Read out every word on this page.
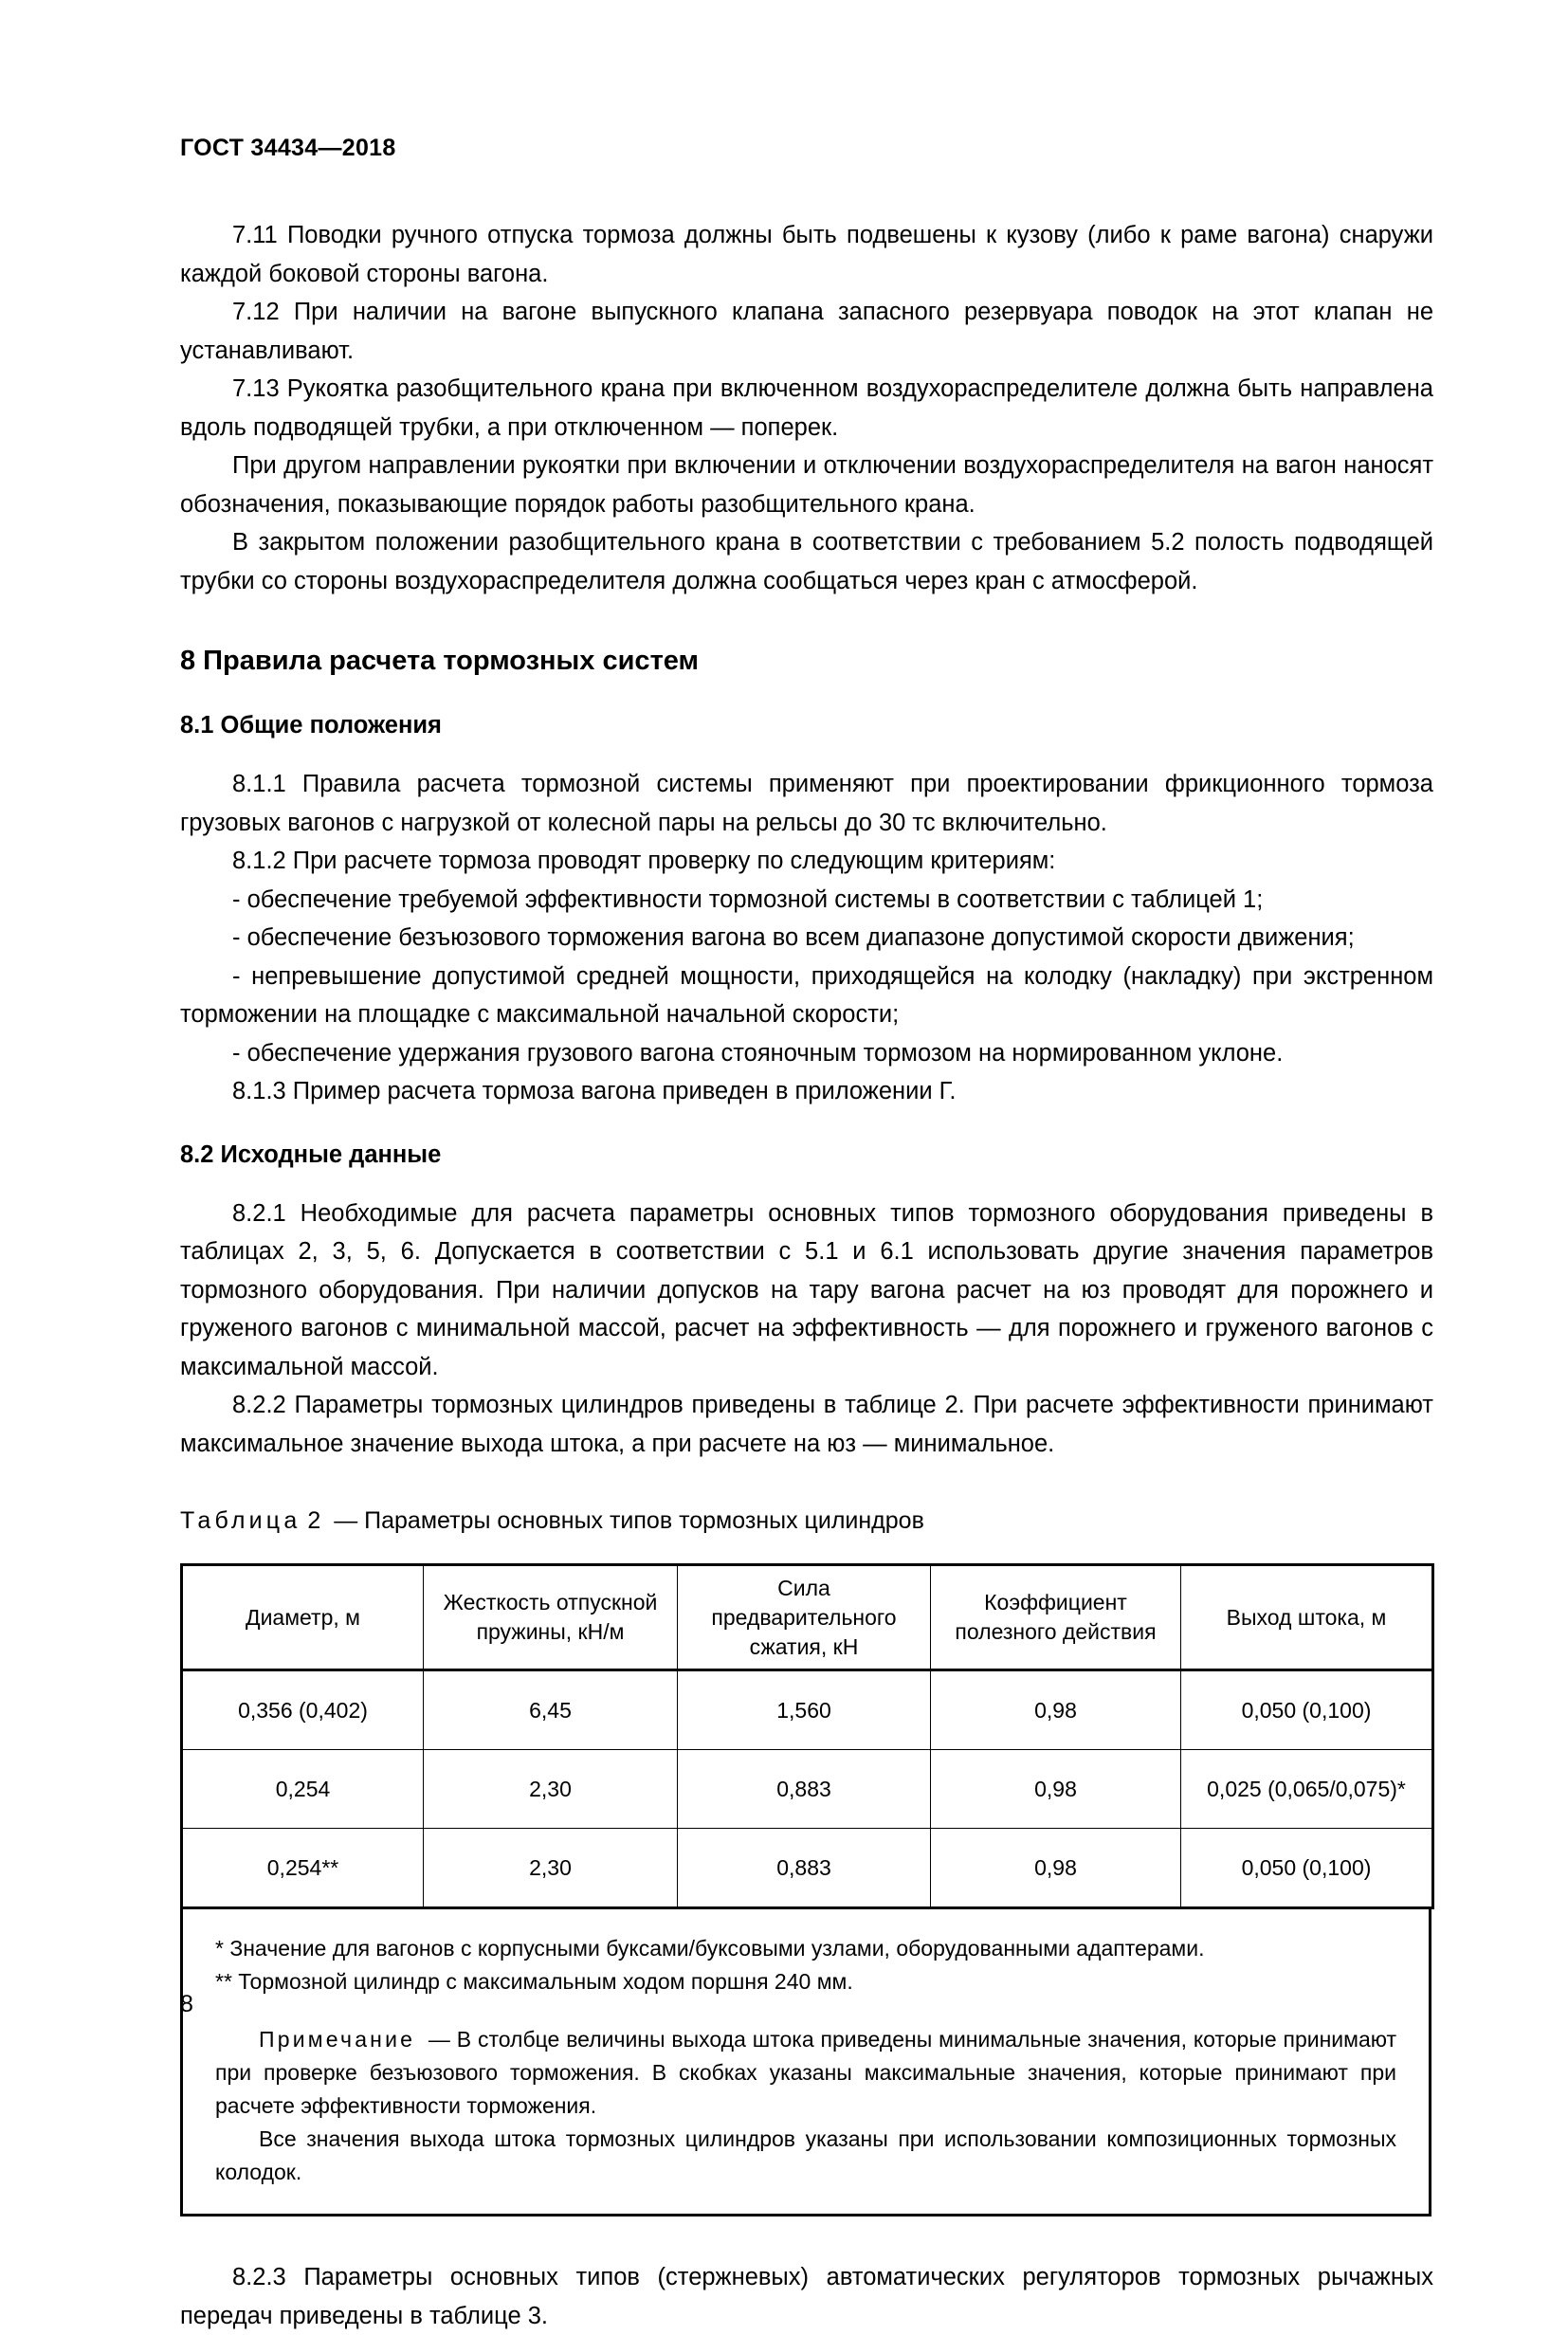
ГОСТ 34434—2018

7.11 Поводки ручного отпуска тормоза должны быть подвешены к кузову (либо к раме вагона) снаружи каждой боковой стороны вагона.

7.12 При наличии на вагоне выпускного клапана запасного резервуара поводок на этот клапан не устанавливают.

7.13 Рукоятка разобщительного крана при включенном воздухораспределителе должна быть направлена вдоль подводящей трубки, а при отключенном — поперек.

При другом направлении рукоятки при включении и отключении воздухораспределителя на вагон наносят обозначения, показывающие порядок работы разобщительного крана.

В закрытом положении разобщительного крана в соответствии с требованием 5.2 полость подводящей трубки со стороны воздухораспределителя должна сообщаться через кран с атмосферой.

8 Правила расчета тормозных систем
8.1 Общие положения

8.1.1 Правила расчета тормозной системы применяют при проектировании фрикционного тормоза грузовых вагонов с нагрузкой от колесной пары на рельсы до 30 тс включительно.

8.1.2 При расчете тормоза проводят проверку по следующим критериям:

- обеспечение требуемой эффективности тормозной системы в соответствии с таблицей 1;

- обеспечение безъюзового торможения вагона во всем диапазоне допустимой скорости движения;

- непревышение допустимой средней мощности, приходящейся на колодку (накладку) при экстренном торможении на площадке с максимальной начальной скорости;

- обеспечение удержания грузового вагона стояночным тормозом на нормированном уклоне.

8.1.3 Пример расчета тормоза вагона приведен в приложении Г.

8.2 Исходные данные

8.2.1 Необходимые для расчета параметры основных типов тормозного оборудования приведены в таблицах 2, 3, 5, 6. Допускается в соответствии с 5.1 и 6.1 использовать другие значения параметров тормозного оборудования. При наличии допусков на тару вагона расчет на юз проводят для порожнего и груженого вагонов с минимальной массой, расчет на эффективность — для порожнего и груженого вагонов с максимальной массой.

8.2.2 Параметры тормозных цилиндров приведены в таблице 2. При расчете эффективности принимают максимальное значение выхода штока, а при расчете на юз — минимальное.

Таблица 2 — Параметры основных типов тормозных цилиндров

Диаметр, м	Жесткость отпускной пружины, кН/м	Сила предварительного сжатия, кН	Коэффициент полезного действия	Выход штока, м
0,356 (0,402)	6,45	1,560	0,98	0,050 (0,100)
0,254	2,30	0,883	0,98	0,025 (0,065/0,075)*
0,254**	2,30	0,883	0,98	0,050 (0,100)

* Значение для вагонов с корпусными буксами/буксовыми узлами, оборудованными адаптерами.

** Тормозной цилиндр с максимальным ходом поршня 240 мм.

Примечание — В столбце величины выхода штока приведены минимальные значения, которые принимают при проверке безъюзового торможения. В скобках указаны максимальные значения, которые принимают при расчете эффективности торможения.

Все значения выхода штока тормозных цилиндров указаны при использовании композиционных тормозных колодок.

8.2.3 Параметры основных типов (стержневых) автоматических регуляторов тормозных рычажных передач приведены в таблице 3.

8
